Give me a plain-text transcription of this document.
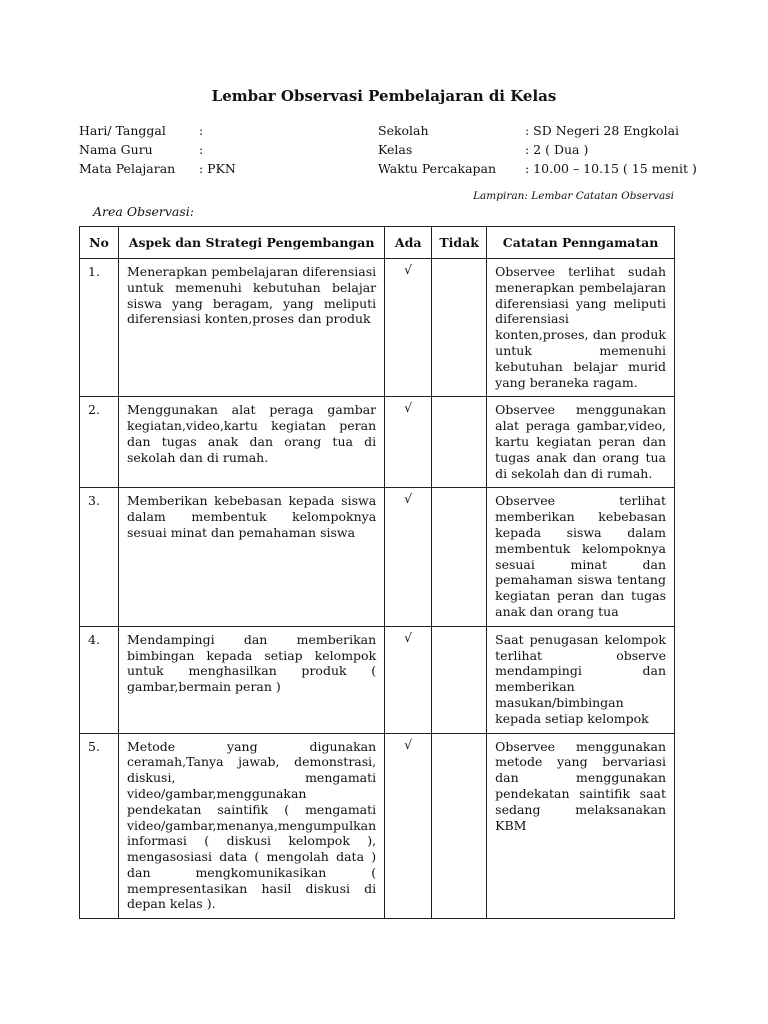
Lembar Observasi Pembelajaran di Kelas
Hari/ Tanggal	:
Nama Guru	:
Mata Pelajaran	: PKN
Sekolah	: SD Negeri 28 Engkolai
Kelas	: 2 ( Dua )
Waktu Percakapan	: 10.00 – 10.15 ( 15 menit )
Lampiran: Lembar Catatan Observasi
Area Observasi:
No	Aspek dan Strategi Pengembangan	Ada	Tidak	Catatan Penngamatan
1.	Menerapkan pembelajaran diferensiasi untuk memenuhi kebutuhan belajar siswa yang beragam, yang meliputi diferensiasi konten,proses dan produk	√		Observee terlihat sudah menerapkan pembelajaran diferensiasi yang meliputi diferensiasi konten,proses, dan produk untuk memenuhi kebutuhan belajar murid yang beraneka ragam.
2.	Menggunakan alat peraga gambar kegiatan,video,kartu kegiatan peran dan tugas anak dan orang tua di sekolah dan di rumah.	√		Observee menggunakan alat peraga gambar,video, kartu kegiatan peran dan tugas anak dan orang tua di sekolah dan di rumah.
3.	Memberikan kebebasan kepada siswa dalam membentuk kelompoknya sesuai minat dan pemahaman siswa	√		Observee terlihat memberikan kebebasan kepada siswa dalam membentuk kelompoknya sesuai minat dan pemahaman siswa tentang kegiatan peran dan tugas anak dan orang tua
4.	Mendampingi dan memberikan bimbingan kepada setiap kelompok untuk menghasilkan produk ( gambar,bermain peran )	√		Saat penugasan kelompok terlihat observe mendampingi dan memberikan masukan/bimbingan kepada setiap kelompok
5.	Metode yang digunakan ceramah,Tanya jawab, demonstrasi, diskusi, mengamati video/gambar,menggunakan pendekatan saintifik ( mengamati video/gambar,menanya,mengumpulkan informasi ( diskusi kelompok ), mengasosiasi data ( mengolah data ) dan mengkomunikasikan ( mempresentasikan hasil diskusi di depan kelas ).	√		Observee menggunakan metode yang bervariasi dan menggunakan pendekatan saintifik saat sedang melaksanakan KBM
